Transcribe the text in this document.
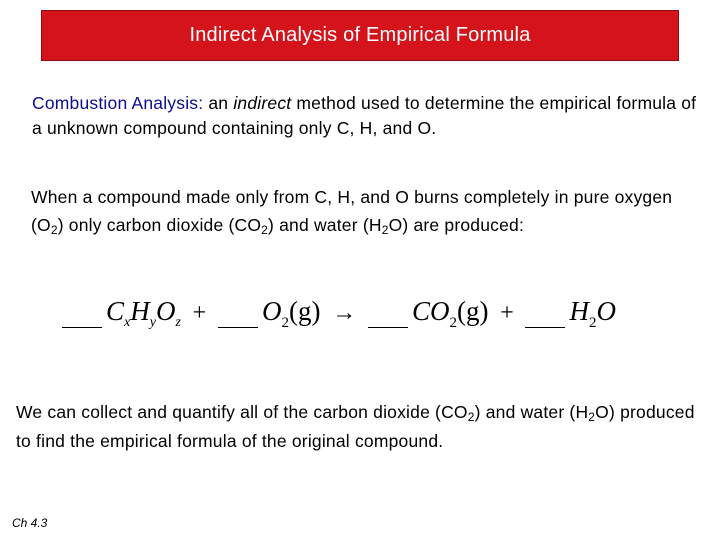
Indirect Analysis of Empirical Formula
Combustion Analysis: an indirect method used to determine the empirical formula of a unknown compound containing only C, H, and O.
When a compound made only from C, H, and O burns completely in pure oxygen $(O_2)$ only carbon dioxide $(CO_2)$ and water $(H_2O)$ are produced:
$C_xH_yO_z + O_2(g) \to CO_2(g) + H_2O$
We can collect and quantify all of the carbon dioxide $(CO_2)$ and water $(H_2O)$ produced to find the empirical formula of the original compound.
Ch 4.3
